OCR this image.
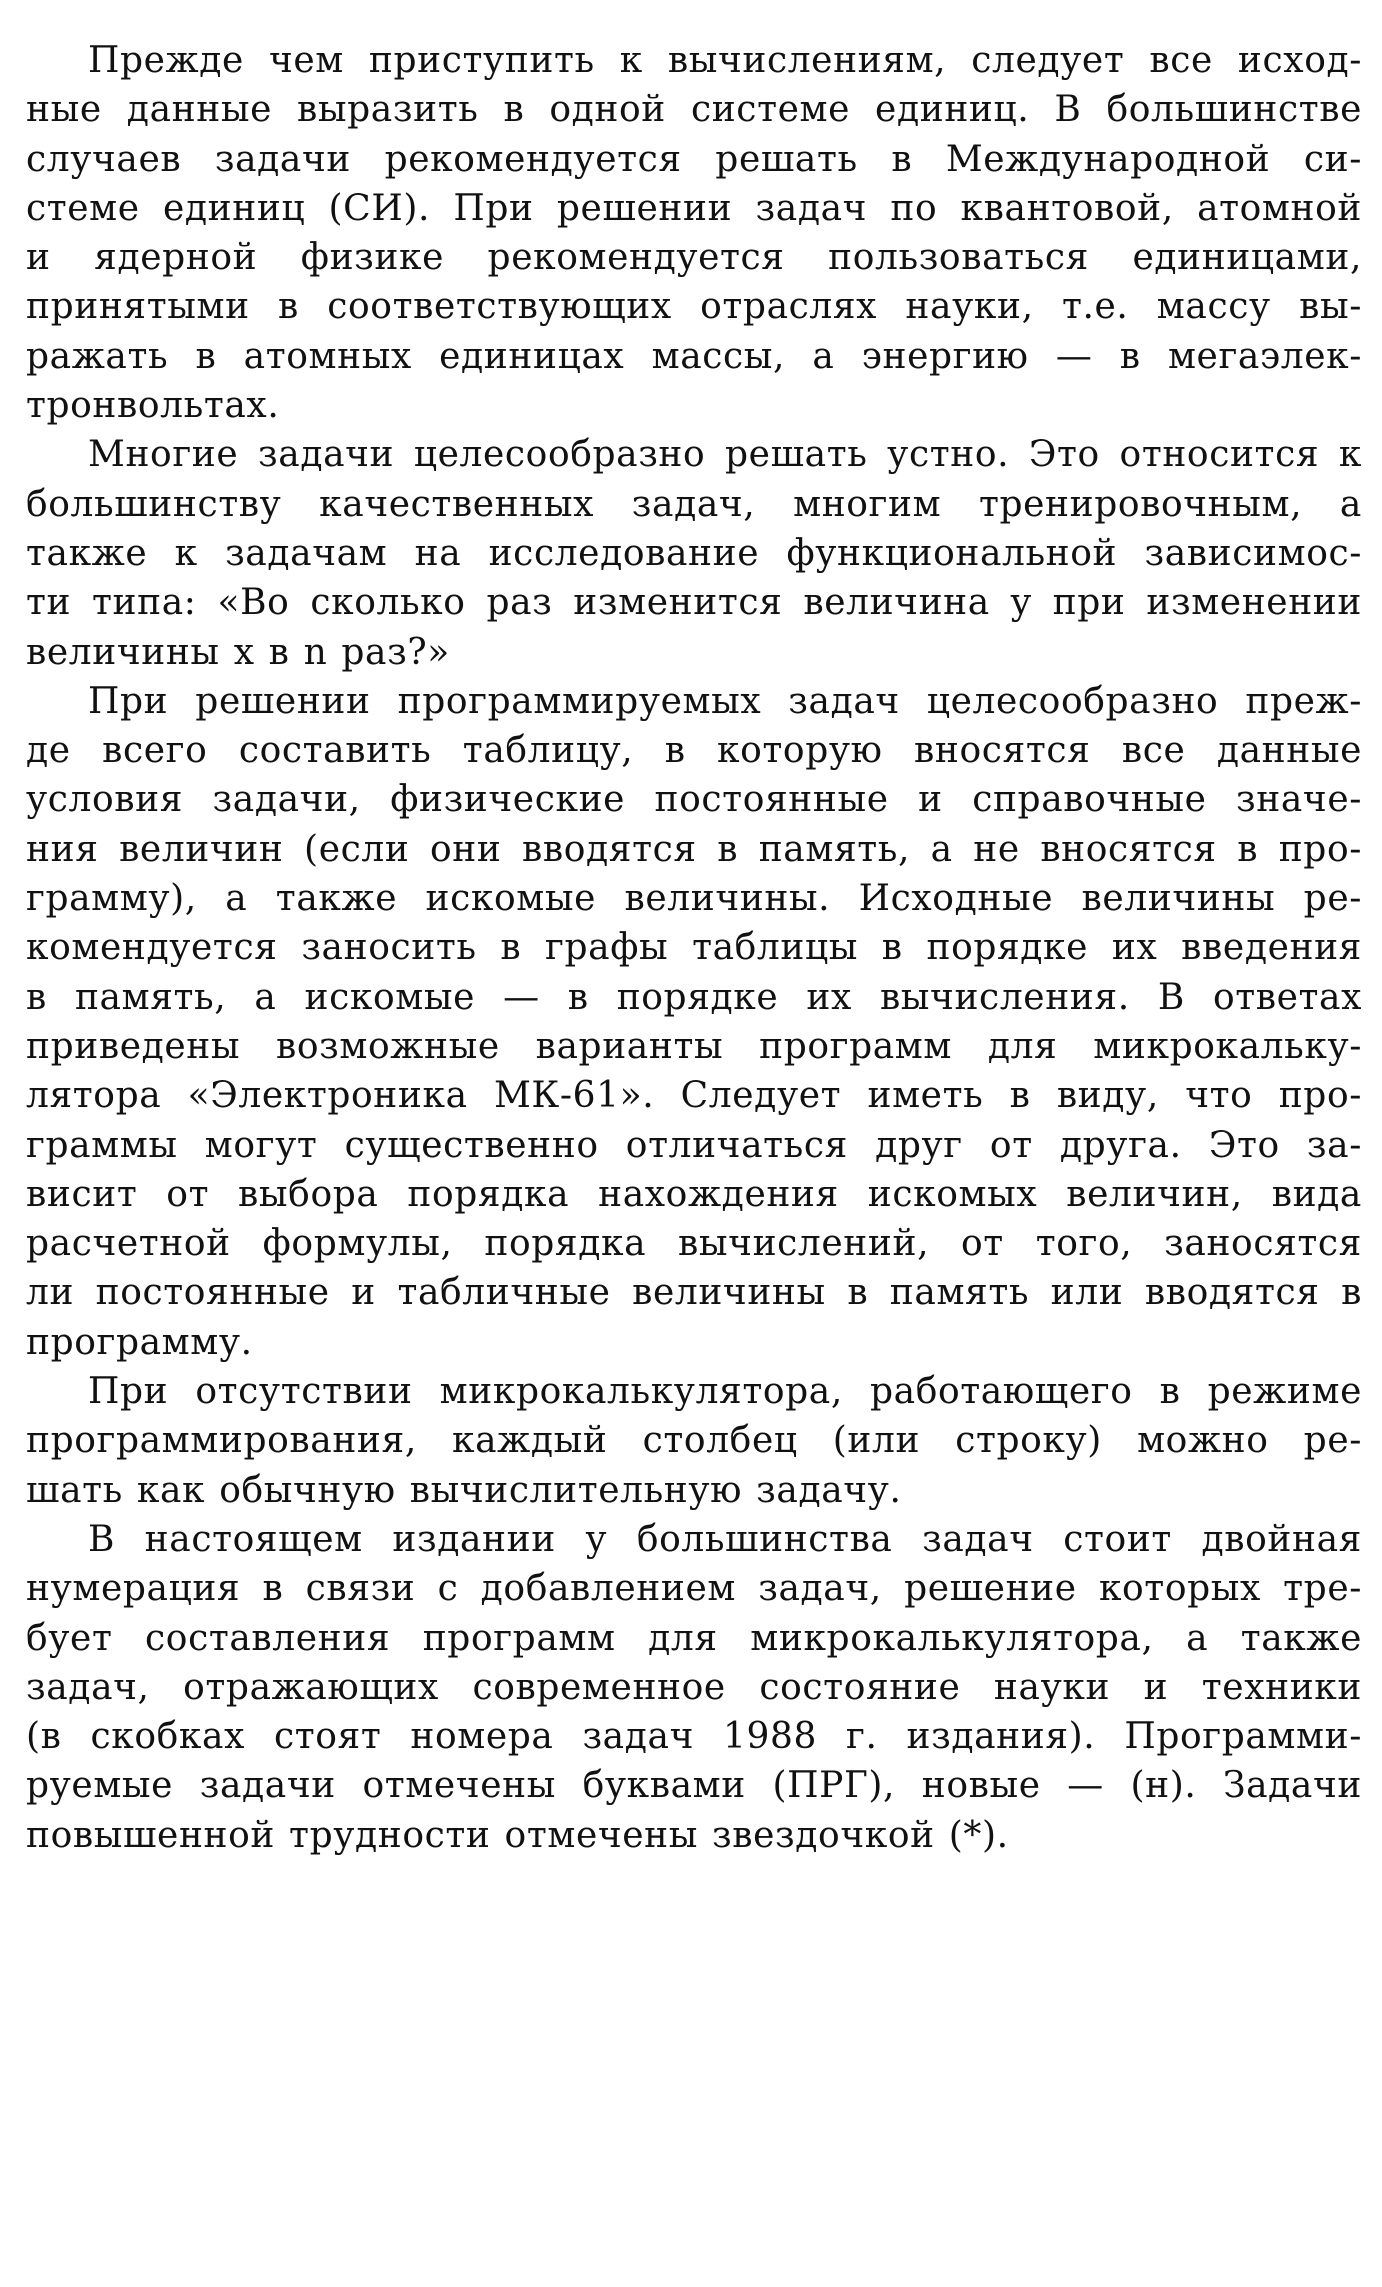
Прежде чем приступить к вычислениям, следует все исход-
ные данные выразить в одной системе единиц. В большинстве
случаев задачи рекомендуется решать в Международной си-
стеме единиц (СИ). При решении задач по квантовой, атомной
и ядерной физике рекомендуется пользоваться единицами,
принятыми в соответствующих отраслях науки, т.е. массу вы-
ражать в атомных единицах массы, а энергию — в мегаэлек-
тронвольтах.

Многие задачи целесообразно решать устно. Это относится к
большинству качественных задач, многим тренировочным, а
также к задачам на исследование функциональной зависимос-
ти типа: «Во сколько раз изменится величина y при изменении
величины x в n раз?»

При решении программируемых задач целесообразно преж-
де всего составить таблицу, в которую вносятся все данные
условия задачи, физические постоянные и справочные значе-
ния величин (если они вводятся в память, а не вносятся в про-
грамму), а также искомые величины. Исходные величины ре-
комендуется заносить в графы таблицы в порядке их введения
в память, а искомые — в порядке их вычисления. В ответах
приведены возможные варианты программ для микрокальку-
лятора «Электроника МК-61». Следует иметь в виду, что про-
граммы могут существенно отличаться друг от друга. Это за-
висит от выбора порядка нахождения искомых величин, вида
расчетной формулы, порядка вычислений, от того, заносятся
ли постоянные и табличные величины в память или вводятся в
программу.

При отсутствии микрокалькулятора, работающего в режиме
программирования, каждый столбец (или строку) можно ре-
шать как обычную вычислительную задачу.

В настоящем издании у большинства задач стоит двойная
нумерация в связи с добавлением задач, решение которых тре-
бует составления программ для микрокалькулятора, а также
задач, отражающих современное состояние науки и техники
(в скобках стоят номера задач 1988 г. издания). Программи-
руемые задачи отмечены буквами (ПРГ), новые — (н). Задачи
повышенной трудности отмечены звездочкой (*).
